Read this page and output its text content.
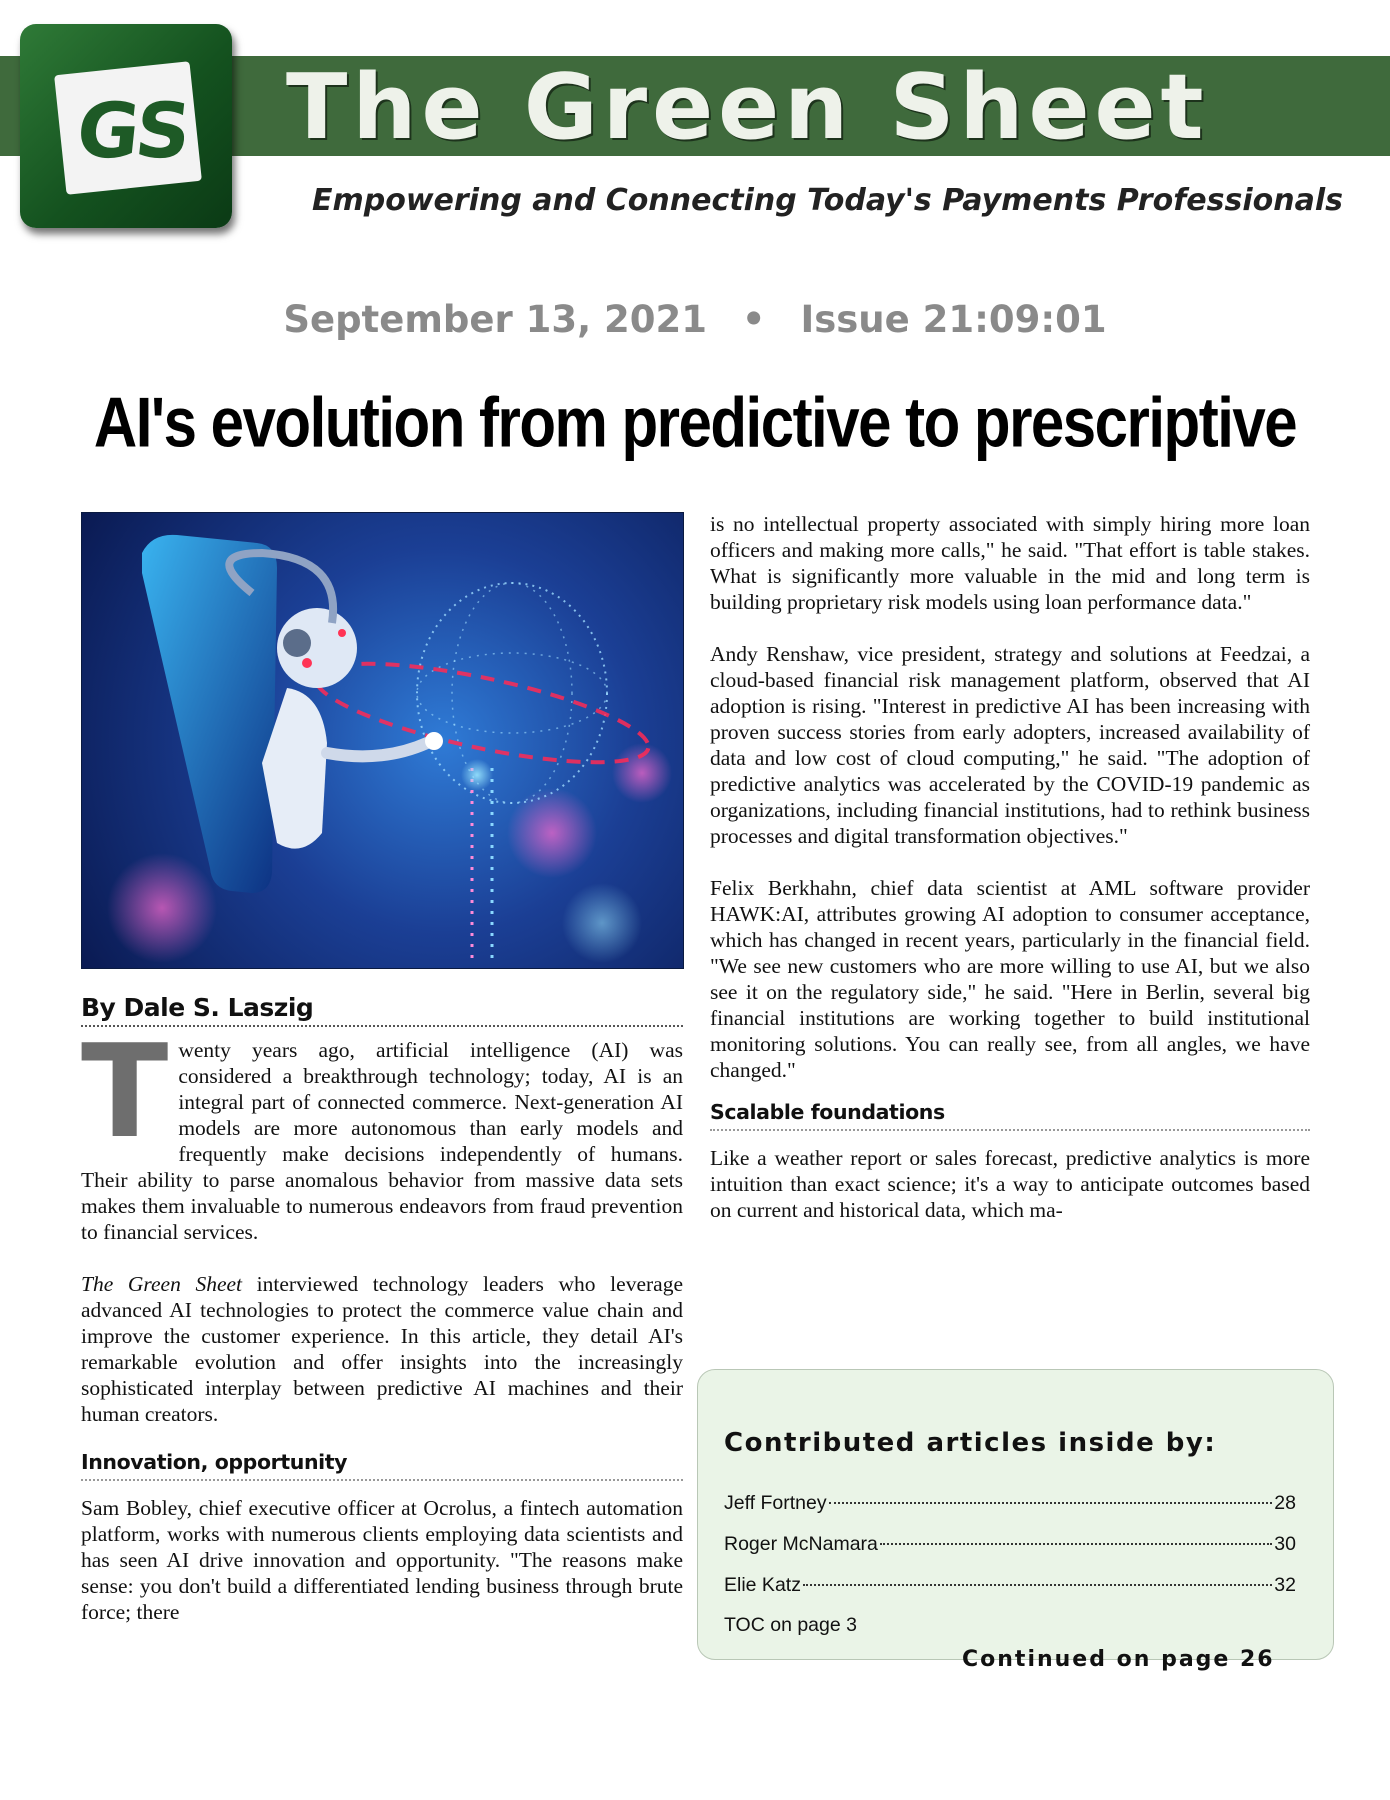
GS The Green Sheet
Empowering and Connecting Today's Payments Professionals
September 13, 2021 • Issue 21:09:01
AI's evolution from predictive to prescriptive
By Dale S. Laszig

Twenty years ago, artificial intelligence (AI) was considered a breakthrough technology; today, AI is an integral part of connected commerce. Next-generation AI models are more autonomous than early models and frequently make decisions independently of humans. Their ability to parse anomalous behavior from massive data sets makes them invaluable to numerous endeavors from fraud prevention to financial services.

The Green Sheet interviewed technology leaders who leverage advanced AI technologies to protect the commerce value chain and improve the customer experience. In this article, they detail AI's remarkable evolution and offer insights into the increasingly sophisticated interplay between predictive AI machines and their human creators.

Innovation, opportunity

Sam Bobley, chief executive officer at Ocrolus, a fintech automation platform, works with numerous clients employing data scientists and has seen AI drive innovation and opportunity. "The reasons make sense: you don't build a differentiated lending business through brute force; there

is no intellectual property associated with simply hiring more loan officers and making more calls," he said. "That effort is table stakes. What is significantly more valuable in the mid and long term is building proprietary risk models using loan performance data."

Andy Renshaw, vice president, strategy and solutions at Feedzai, a cloud-based financial risk management platform, observed that AI adoption is rising. "Interest in predictive AI has been increasing with proven success stories from early adopters, increased availability of data and low cost of cloud computing," he said. "The adoption of predictive analytics was accelerated by the COVID-19 pandemic as organizations, including financial institutions, had to rethink business processes and digital transformation objectives."

Felix Berkhahn, chief data scientist at AML software provider HAWK:AI, attributes growing AI adoption to consumer acceptance, which has changed in recent years, particularly in the financial field. "We see new customers who are more willing to use AI, but we also see it on the regulatory side," he said. "Here in Berlin, several big financial institutions are working together to build institutional monitoring solutions. You can really see, from all angles, we have changed."

Scalable foundations

Like a weather report or sales forecast, predictive analytics is more intuition than exact science; it's a way to anticipate outcomes based on current and historical data, which ma-

Contributed articles inside by:
Jeff Fortney	28
Roger McNamara	30
Elie Katz	32
TOC on page 3
Continued on page 26
